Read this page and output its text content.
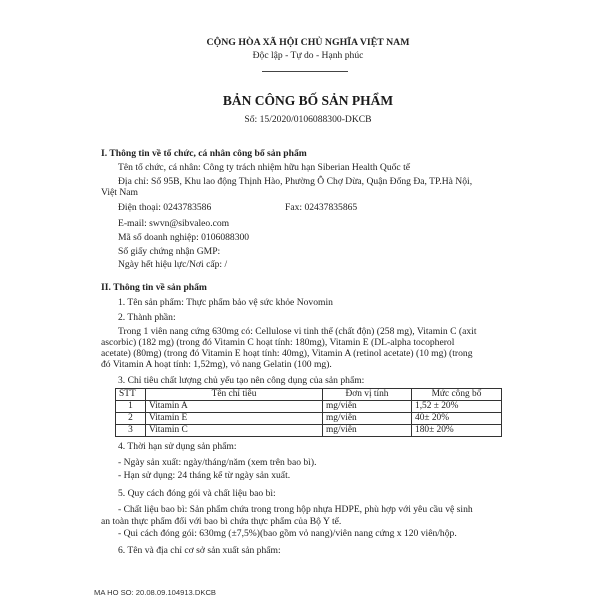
CỘNG HÒA XÃ HỘI CHỦ NGHĨA VIỆT NAM
Độc lập - Tự do - Hạnh phúc
BẢN CÔNG BỐ SẢN PHẨM
Số: 15/2020/0106088300-DKCB
I. Thông tin về tổ chức, cá nhân công bố sản phẩm
Tên tổ chức, cá nhân: Công ty trách nhiệm hữu hạn Siberian Health Quốc tế
Địa chỉ: Số 95B, Khu lao động Thịnh Hào, Phường Ô Chợ Dừa, Quận Đống Đa, TP.Hà Nội,
Việt Nam
Điện thoại: 0243783586	Fax: 02437835865
E-mail: swvn@sibvaleo.com
Mã số doanh nghiệp: 0106088300
Số giấy chứng nhận GMP:
Ngày hết hiệu lực/Nơi cấp: /
II. Thông tin về sản phẩm
1. Tên sản phẩm: Thực phẩm bảo vệ sức khỏe Novomin
2. Thành phần:
Trong 1 viên nang cứng 630mg có: Cellulose vi tinh thể (chất độn) (258 mg), Vitamin C (axit
ascorbic) (182 mg) (trong đó Vitamin C hoạt tính: 180mg), Vitamin E (DL-alpha tocopherol
acetate) (80mg) (trong đó Vitamin E hoạt tính: 40mg), Vitamin A (retinol acetate) (10 mg) (trong
đó Vitamin A hoạt tính: 1,52mg), vỏ nang Gelatin (100 mg).
3. Chỉ tiêu chất lượng chủ yếu tạo nên công dụng của sản phẩm:
STT	Tên chỉ tiêu	Đơn vị tính	Mức công bố
1	Vitamin A	mg/viên	1,52 ± 20%
2	Vitamin E	mg/viên	40± 20%
3	Vitamin C	mg/viên	180± 20%
4. Thời hạn sử dụng sản phẩm:
- Ngày sản xuất: ngày/tháng/năm (xem trên bao bì).
- Hạn sử dụng: 24 tháng kể từ ngày sản xuất.
5. Quy cách đóng gói và chất liệu bao bì:
- Chất liệu bao bì: Sản phẩm chứa trong trong hộp nhựa HDPE, phù hợp với yêu cầu vệ sinh
an toàn thực phẩm đối với bao bì chứa thực phẩm của Bộ Y tế.
- Qui cách đóng gói: 630mg (±7,5%)(bao gồm vỏ nang)/viên nang cứng x 120 viên/hộp.
6. Tên và địa chỉ cơ sở sản xuất sản phẩm:
MA HO SO: 20.08.09.104913.DKCB
